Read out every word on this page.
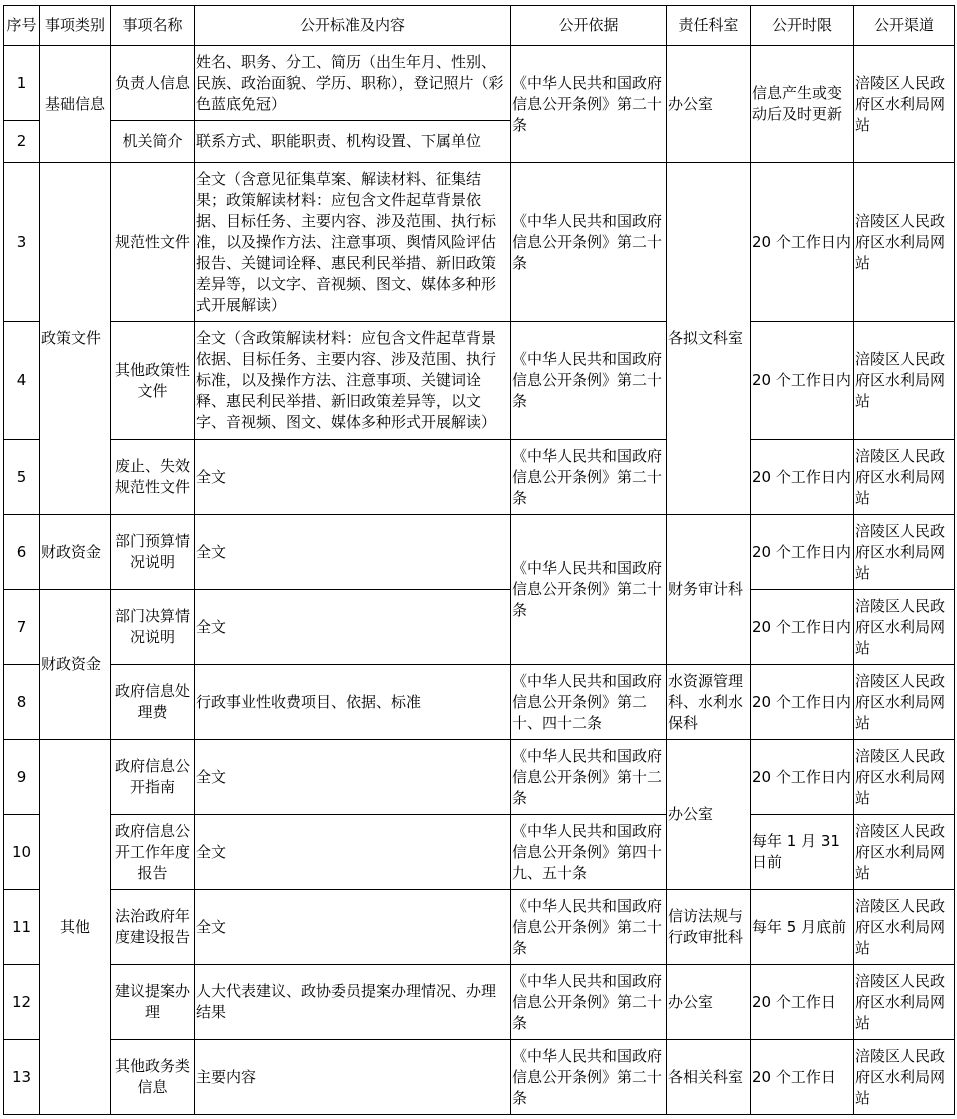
序号	事项类别	事项名称	公开标准及内容	公开依据	责任科室	公开时限	公开渠道
1	基础信息	负责人信息	姓名、职务、分工、简历（出生年月、性别、民族、政治面貌、学历、职称），登记照片（彩色蓝底免冠）	《中华人民共和国政府信息公开条例》第二十条	办公室	信息产生或变动后及时更新	涪陵区人民政府区水利局网站
2		机关简介	联系方式、职能职责、机构设置、下属单位				
3	政策文件	规范性文件	全文（含意见征集草案、解读材料、征集结果；政策解读材料：应包含文件起草背景依据、目标任务、主要内容、涉及范围、执行标准，以及操作方法、注意事项、舆情风险评估报告、关键词诠释、惠民利民举措、新旧政策差异等，以文字、音视频、图文、媒体多种形式开展解读）	《中华人民共和国政府信息公开条例》第二十条	各拟文科室	20 个工作日内	涪陵区人民政府区水利局网站
4		其他政策性文件	全文（含政策解读材料：应包含文件起草背景依据、目标任务、主要内容、涉及范围、执行标准，以及操作方法、注意事项、关键词诠释、惠民利民举措、新旧政策差异等，以文字、音视频、图文、媒体多种形式开展解读）	《中华人民共和国政府信息公开条例》第二十条		20 个工作日内	涪陵区人民政府区水利局网站
5		废止、失效规范性文件	全文	《中华人民共和国政府信息公开条例》第二十条		20 个工作日内	涪陵区人民政府区水利局网站
6	财政资金	部门预算情况说明	全文	《中华人民共和国政府信息公开条例》第二十条	财务审计科	20 个工作日内	涪陵区人民政府区水利局网站
7	财政资金	部门决算情况说明	全文			20 个工作日内	涪陵区人民政府区水利局网站
8		政府信息处理费	行政事业性收费项目、依据、标准	《中华人民共和国政府信息公开条例》第二十、四十二条	水资源管理科、水利水保科	20 个工作日内	涪陵区人民政府区水利局网站
9	其他	政府信息公开指南	全文	《中华人民共和国政府信息公开条例》第十二条	办公室	20 个工作日内	涪陵区人民政府区水利局网站
10		政府信息公开工作年度报告	全文	《中华人民共和国政府信息公开条例》第四十九、五十条		每年 1 月 31 日前	涪陵区人民政府区水利局网站
11		法治政府年度建设报告	全文	《中华人民共和国政府信息公开条例》第二十条	信访法规与行政审批科	每年 5 月底前	涪陵区人民政府区水利局网站
12		建议提案办理	人大代表建议、政协委员提案办理情况、办理结果	《中华人民共和国政府信息公开条例》第二十条	办公室	20 个工作日	涪陵区人民政府区水利局网站
13		其他政务类信息	主要内容	《中华人民共和国政府信息公开条例》第二十条	各相关科室	20 个工作日	涪陵区人民政府区水利局网站
